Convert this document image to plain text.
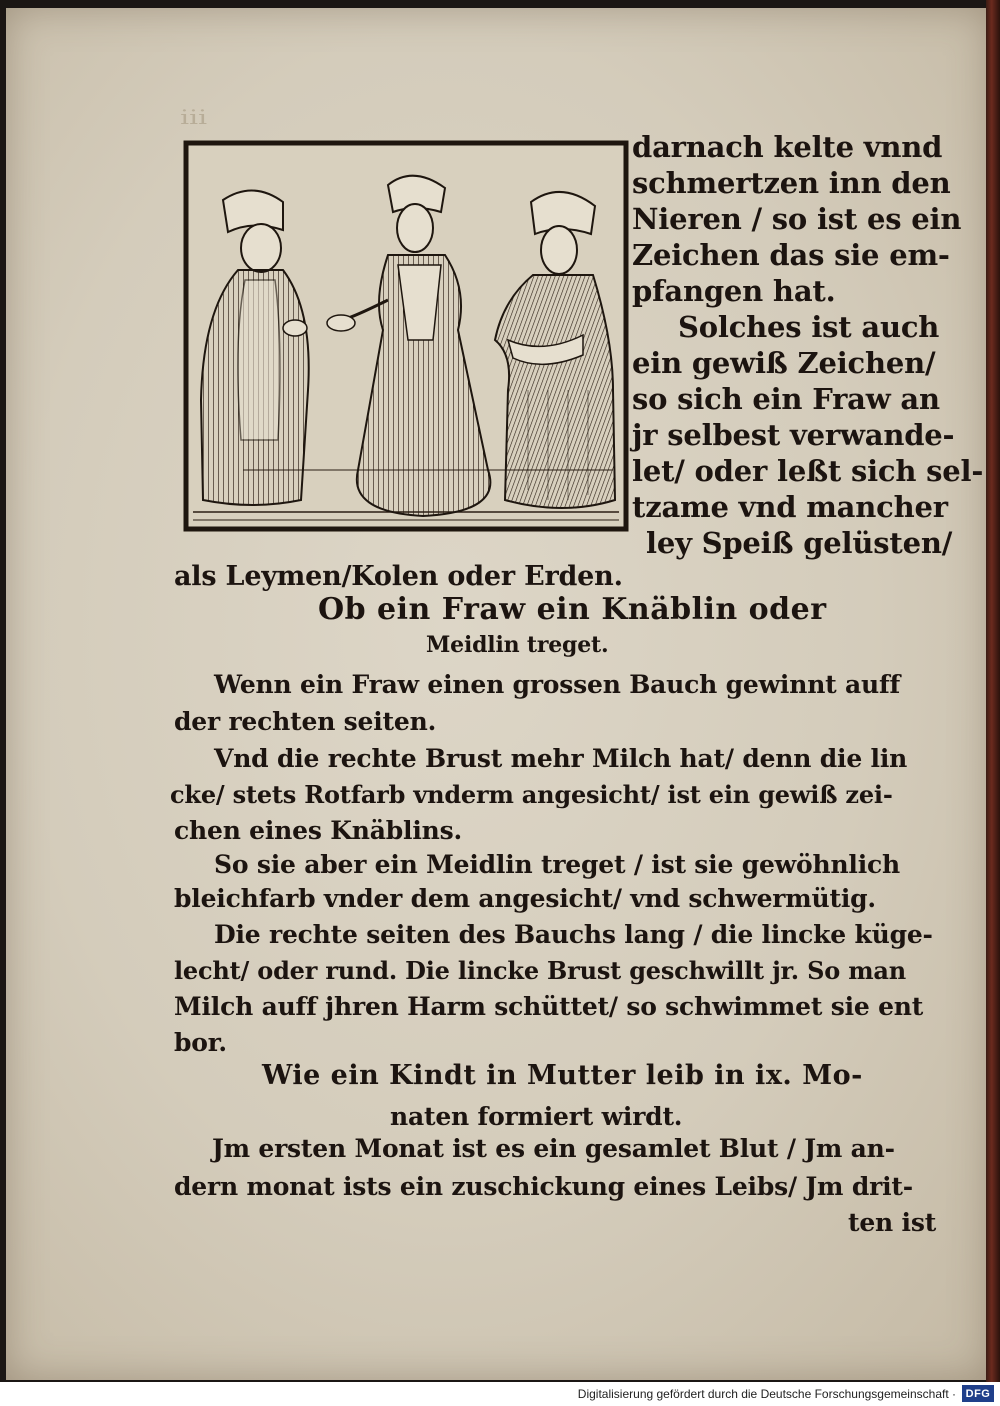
iii
darnach kelte vnnd
schmertzen inn den
Nieren / so ist es ein
Zeichen das sie em-
pfangen hat.
Solches ist auch
ein gewiß Zeichen/
so sich ein Fraw an
jr selbest verwande-
let/ oder leßt sich sel-
tzame vnd mancher
ley Speiß gelüsten/
als Leymen/Kolen oder Erden.
Ob ein Fraw ein Knäblin oder
Meidlin treget.
Wenn ein Fraw einen grossen Bauch gewinnt auff
der rechten seiten.
Vnd die rechte Brust mehr Milch hat/ denn die lin
cke/ stets Rotfarb vnderm angesicht/ ist ein gewiß zei-
chen eines Knäblins.
So sie aber ein Meidlin treget / ist sie gewöhnlich
bleichfarb vnder dem angesicht/ vnd schwermütig.
Die rechte seiten des Bauchs lang / die lincke küge-
lecht/ oder rund. Die lincke Brust geschwillt jr. So man
Milch auff jhren Harm schüttet/ so schwimmet sie ent
bor.
Wie ein Kindt in Mutter leib in ix. Mo-
naten formiert wirdt.
Jm ersten Monat ist es ein gesamlet Blut / Jm an-
dern monat ists ein zuschickung eines Leibs/ Jm drit-
ten ist
Digitalisierung gefördert durch die Deutsche Forschungsgemeinschaft · DFG
